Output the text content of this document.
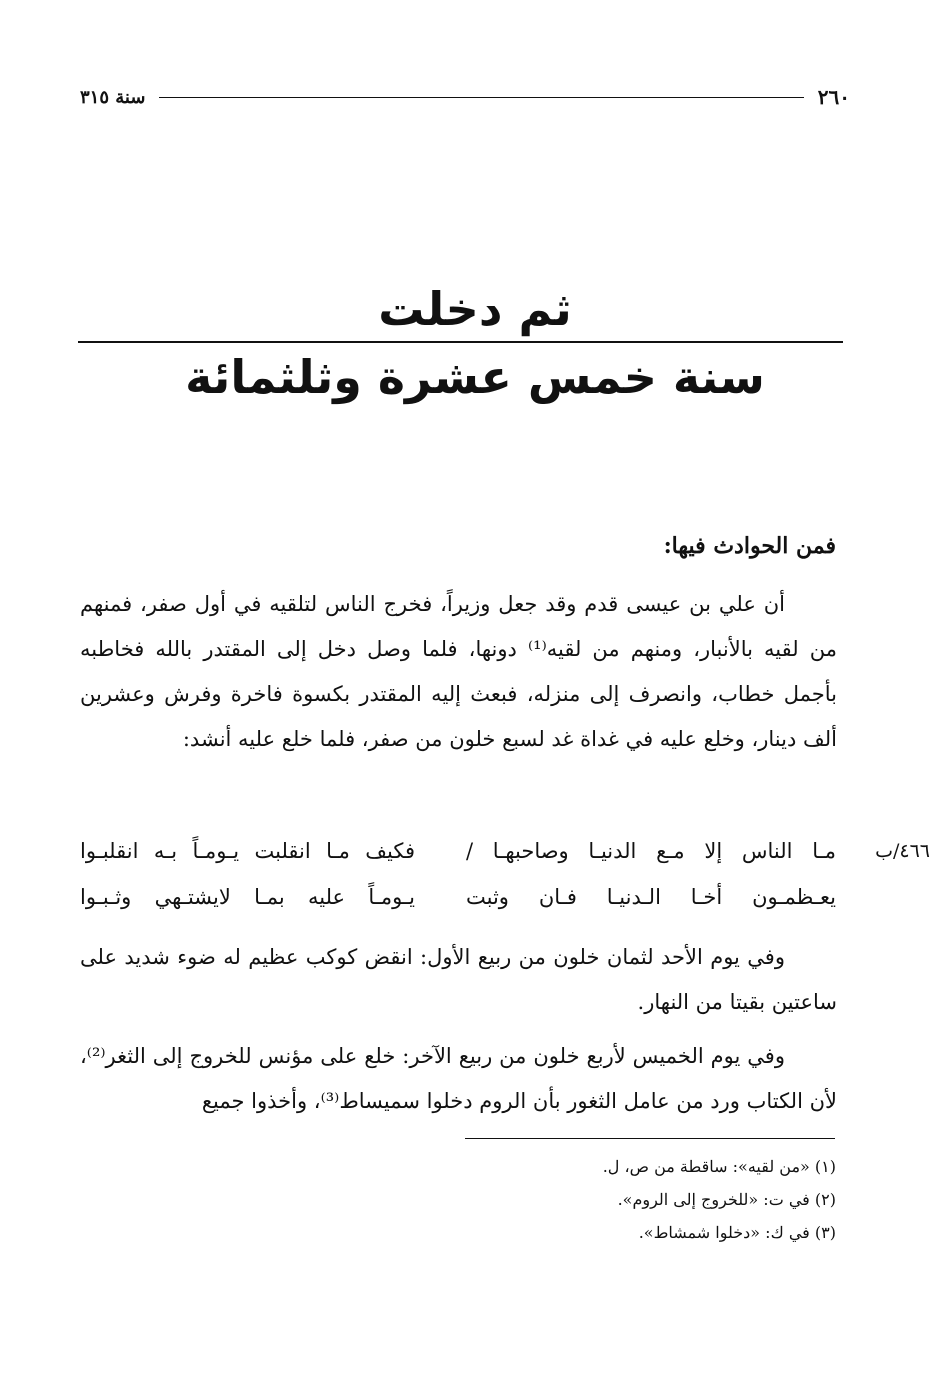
٢٦٠
سنة ٣١٥
ثم دخلت
سنة خمس عشرة وثلثمائة
فمن الحوادث فيها:
أن علي بن عيسى قدم وقد جعل وزيراً، فخرج الناس لتلقيه في أول صفر، فمنهم من لقيه بالأنبار، ومنهم من لقيه⁽¹⁾ دونها، فلما وصل دخل إلى المقتدر بالله فخاطبه بأجمل خطاب، وانصرف إلى منزله، فبعث إليه المقتدر بكسوة فاخرة وفرش وعشرين ألف دينار، وخلع عليه في غداة غد لسبع خلون من صفر، فلما خلع عليه أنشد:
٤٦٦/ب
مـا الناس إلا مـع الدنيـا وصاحبهـا /
فكيف مـا انقلبت يـومـاً بـه انقلبـوا
يعـظمـون أخـا الـدنيـا فـان وثبت
يـومـاً عليه بمـا لايشتـهي وثـبـوا
وفي يوم الأحد لثمان خلون من ربيع الأول: انقض كوكب عظيم له ضوء شديد على ساعتين بقيتا من النهار.
وفي يوم الخميس لأربع خلون من ربيع الآخر: خلع على مؤنس للخروج إلى الثغر⁽²⁾، لأن الكتاب ورد من عامل الثغور بأن الروم دخلوا سميساط⁽³⁾، وأخذوا جميع
(١) «من لقيه»: ساقطة من ص، ل.
(٢) في ت: «للخروج إلى الروم».
(٣) في ك: «دخلوا شمشاط».
